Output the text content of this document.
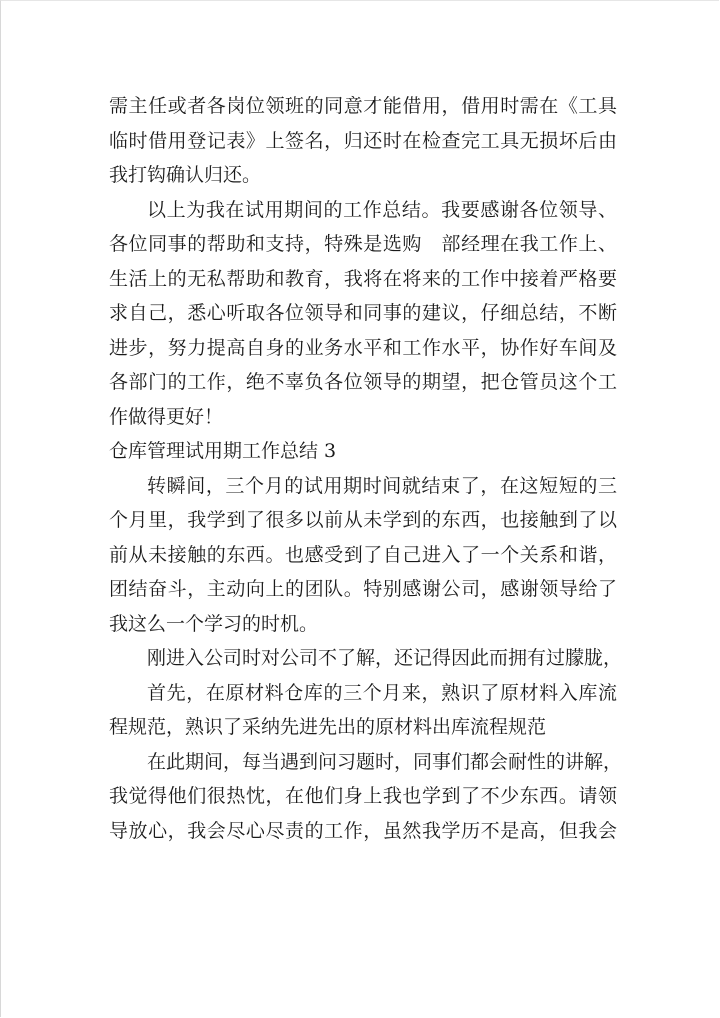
需主任或者各岗位领班的同意才能借用，借用时需在《工具
临时借用登记表》上签名，归还时在检查完工具无损坏后由
我打钩确认归还。
以上为我在试用期间的工作总结。我要感谢各位领导、
各位同事的帮助和支持，特殊是选购　部经理在我工作上、
生活上的无私帮助和教育，我将在将来的工作中接着严格要
求自己，悉心听取各位领导和同事的建议，仔细总结，不断
进步，努力提高自身的业务水平和工作水平，协作好车间及
各部门的工作，绝不辜负各位领导的期望，把仓管员这个工
作做得更好！
仓库管理试用期工作总结 3
转瞬间，三个月的试用期时间就结束了，在这短短的三
个月里，我学到了很多以前从未学到的东西，也接触到了以
前从未接触的东西。也感受到了自己进入了一个关系和谐，
团结奋斗，主动向上的团队。特别感谢公司，感谢领导给了
我这么一个学习的时机。
刚进入公司时对公司不了解，还记得因此而拥有过朦胧，
首先，在原材料仓库的三个月来，熟识了原材料入库流
程规范，熟识了采纳先进先出的原材料出库流程规范
在此期间，每当遇到问习题时，同事们都会耐性的讲解，
我觉得他们很热忱，在他们身上我也学到了不少东西。请领
导放心，我会尽心尽责的工作，虽然我学历不是高，但我会
